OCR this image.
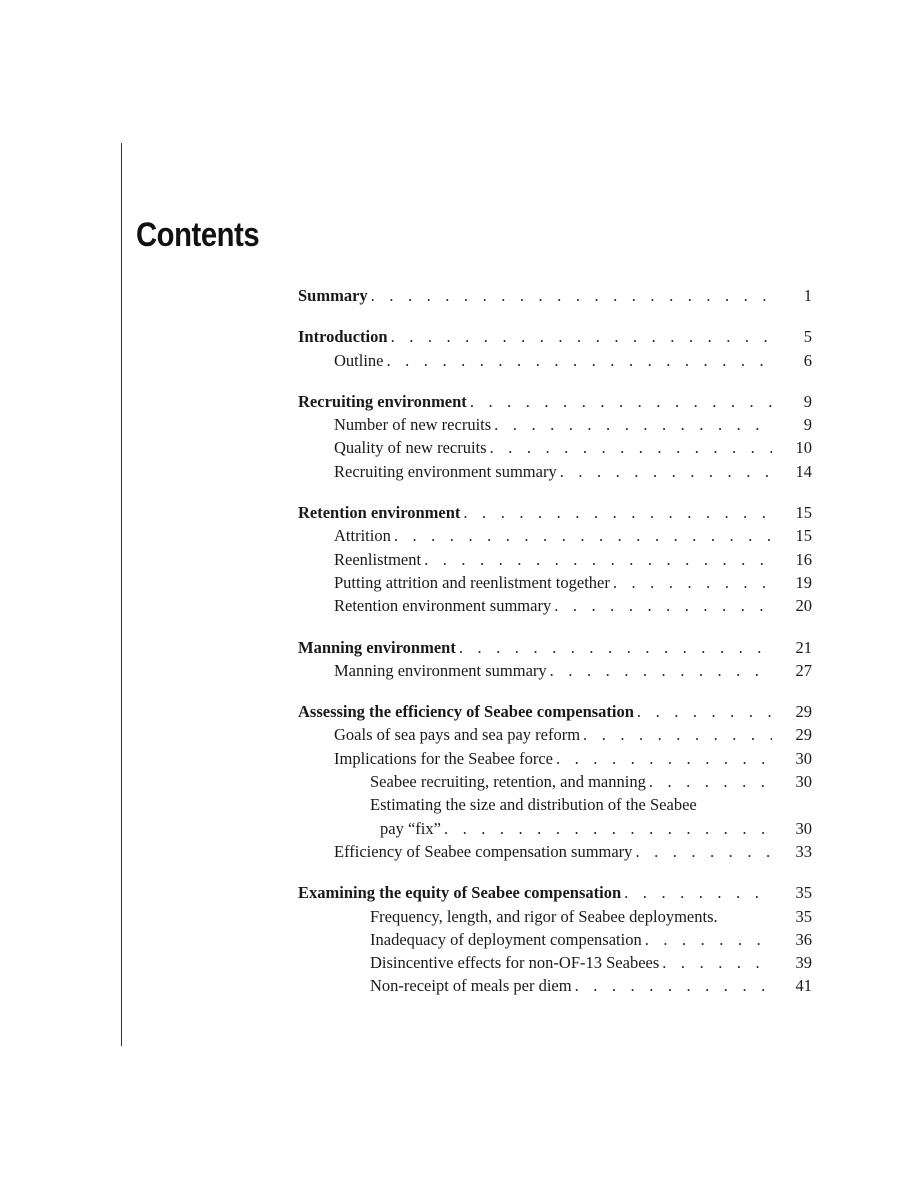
Contents
Summary . . .	1
Introduction . . .	5
Outline . . .	6
Recruiting environment . . .	9
Number of new recruits . . .	9
Quality of new recruits . . .	10
Recruiting environment summary . . .	14
Retention environment . . .	15
Attrition . . .	15
Reenlistment . . .	16
Putting attrition and reenlistment together . . .	19
Retention environment summary . . .	20
Manning environment . . .	21
Manning environment summary . . .	27
Assessing the efficiency of Seabee compensation . . .	29
Goals of sea pays and sea pay reform . . .	29
Implications for the Seabee force . . .	30
Seabee recruiting, retention, and manning . . .	30
Estimating the size and distribution of the Seabee
pay “fix” . . .	30
Efficiency of Seabee compensation summary . . .	33
Examining the equity of Seabee compensation . . .	35
Frequency, length, and rigor of Seabee deployments.	35
Inadequacy of deployment compensation . . .	36
Disincentive effects for non-OF-13 Seabees . . .	39
Non-receipt of meals per diem . . .	41
